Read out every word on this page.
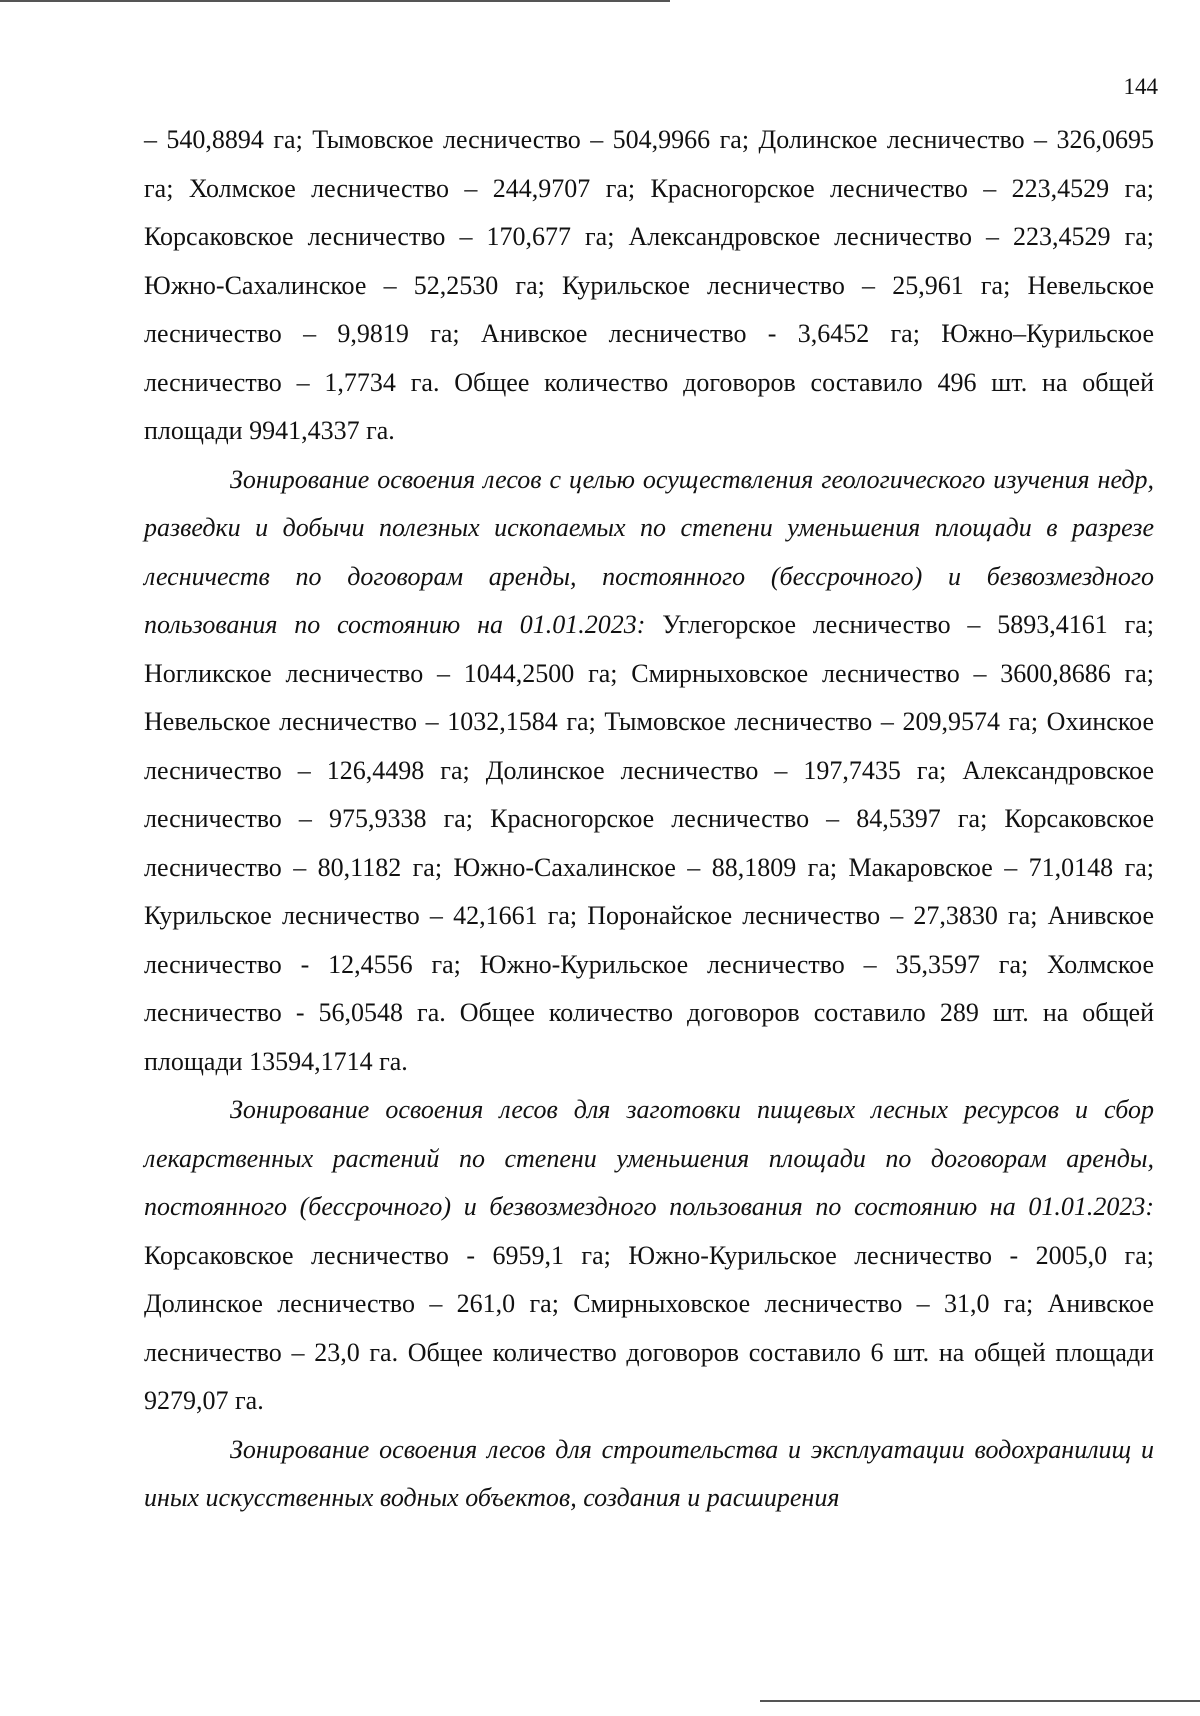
144

– 540,8894 га; Тымовское лесничество – 504,9966 га; Долинское лесничество – 326,0695 га; Холмское лесничество – 244,9707 га; Красногорское лесничество – 223,4529 га; Корсаковское лесничество – 170,677 га; Александровское лесничество – 223,4529 га; Южно-Сахалинское – 52,2530 га; Курильское лесничество – 25,961 га; Невельское лесничество – 9,9819 га; Анивское лесничество - 3,6452 га; Южно–Курильское лесничество – 1,7734 га. Общее количество договоров составило 496 шт. на общей площади 9941,4337 га.

Зонирование освоения лесов с целью осуществления геологического изучения недр, разведки и добычи полезных ископаемых по степени уменьшения площади в разрезе лесничеств по договорам аренды, постоянного (бессрочного) и безвозмездного пользования по состоянию на 01.01.2023: Углегорское лесничество – 5893,4161 га; Ногликское лесничество – 1044,2500 га; Смирныховское лесничество – 3600,8686 га; Невельское лесничество – 1032,1584 га; Тымовское лесничество – 209,9574 га; Охинское лесничество – 126,4498 га; Долинское лесничество – 197,7435 га; Александровское лесничество – 975,9338 га; Красногорское лесничество – 84,5397 га; Корсаковское лесничество – 80,1182 га; Южно-Сахалинское – 88,1809 га; Макаровское – 71,0148 га; Курильское лесничество – 42,1661 га; Поронайское лесничество – 27,3830 га; Анивское лесничество - 12,4556 га; Южно-Курильское лесничество – 35,3597 га; Холмское лесничество - 56,0548 га. Общее количество договоров составило 289 шт. на общей площади 13594,1714 га.

Зонирование освоения лесов для заготовки пищевых лесных ресурсов и сбор лекарственных растений по степени уменьшения площади по договорам аренды, постоянного (бессрочного) и безвозмездного пользования по состоянию на 01.01.2023: Корсаковское лесничество - 6959,1 га; Южно-Курильское лесничество - 2005,0 га; Долинское лесничество – 261,0 га; Смирныховское лесничество – 31,0 га; Анивское лесничество – 23,0 га. Общее количество договоров составило 6 шт. на общей площади 9279,07 га.

Зонирование освоения лесов для строительства и эксплуатации водохранилищ и иных искусственных водных объектов, создания и расширения
